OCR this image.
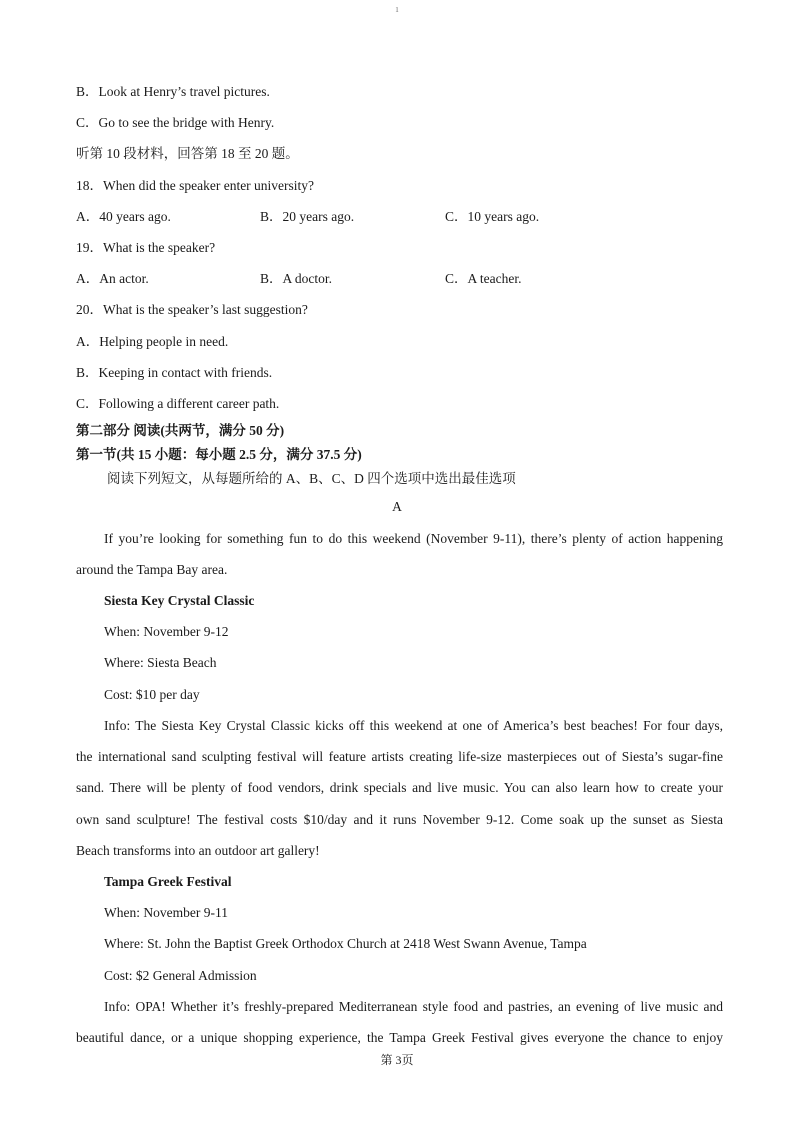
1
B．Look at Henry’s travel pictures.
C．Go to see the bridge with Henry.
听第 10 段材料，回答第 18 至 20 题。
18．When did the speaker enter university?
A．40 years ago.	B．20 years ago.	C．10 years ago.
19．What is the speaker?
A．An actor.	B．A doctor.	C．A teacher.
20．What is the speaker’s last suggestion?
A．Helping people in need.
B．Keeping in contact with friends.
C．Following a different career path.
第二部分 阅读(共两节，满分 50 分)
第一节(共 15 小题：每小题 2.5 分，满分 37.5 分)
阅读下列短文，从每题所给的 A、B、C、D 四个选项中选出最佳选项
A
If you’re looking for something fun to do this weekend (November 9-11), there’s plenty of action happening
around the Tampa Bay area.
Siesta Key Crystal Classic
When: November 9-12
Where: Siesta Beach
Cost: $10 per day
Info: The Siesta Key Crystal Classic kicks off this weekend at one of America’s best beaches! For four days,
the international sand sculpting festival will feature artists creating life-size masterpieces out of Siesta’s sugar-fine
sand. There will be plenty of food vendors, drink specials and live music. You can also learn how to create your
own sand sculpture! The festival costs $10/day and it runs November 9-12. Come soak up the sunset as Siesta
Beach transforms into an outdoor art gallery!
Tampa Greek Festival
When: November 9-11
Where: St. John the Baptist Greek Orthodox Church at 2418 West Swann Avenue, Tampa
Cost: $2 General Admission
Info: OPA! Whether it’s freshly-prepared Mediterranean style food and pastries, an evening of live music and
beautiful dance, or a unique shopping experience, the Tampa Greek Festival gives everyone the chance to enjoy
第 3页
